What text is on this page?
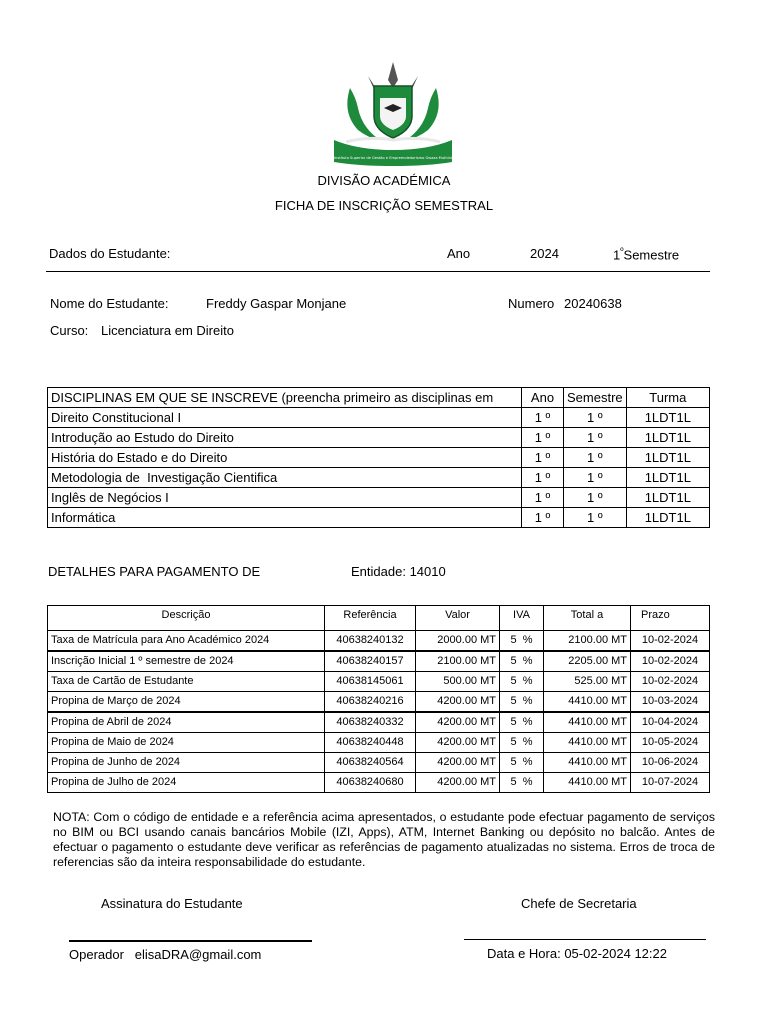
ISGEGM
Instituto Superior de Gestão e Empreendedorismo Gwaza Muthini
DIVISÃO ACADÉMICA
FICHA DE INSCRIÇÃO SEMESTRAL
Dados do Estudante:	Ano	2024	$1^ºSemestre$
Nome do Estudante:	Freddy Gaspar Monjane	Numero 20240638
Curso: Licenciatura em Direito
DISCIPLINAS EM QUE SE INSCREVE (preencha primeiro as disciplinas em	Ano	Semestre	Turma
Direito Constitucional I	1 º	1 º	1LDT1L
Introdução ao Estudo do Direito	1 º	1 º	1LDT1L
História do Estado e do Direito	1 º	1 º	1LDT1L
Metodologia de  Investigação Cientifica	1 º	1 º	1LDT1L
Inglês de Negócios I	1 º	1 º	1LDT1L
Informática	1 º	1 º	1LDT1L
DETALHES PARA PAGAMENTO DE	Entidade: 14010
Descrição	Referência	Valor	IVA	Total a	Prazo
Taxa de Matrícula para Ano Académico 2024	40638240132	2000.00 MT	5  %	2100.00 MT	10-02-2024
Inscrição Inicial 1 º semestre de 2024	40638240157	2100.00 MT	5  %	2205.00 MT	10-02-2024
Taxa de Cartão de Estudante	40638145061	500.00 MT	5  %	525.00 MT	10-02-2024
Propina de Março de 2024	40638240216	4200.00 MT	5  %	4410.00 MT	10-03-2024
Propina de Abril de 2024	40638240332	4200.00 MT	5  %	4410.00 MT	10-04-2024
Propina de Maio de 2024	40638240448	4200.00 MT	5  %	4410.00 MT	10-05-2024
Propina de Junho de 2024	40638240564	4200.00 MT	5  %	4410.00 MT	10-06-2024
Propina de Julho de 2024	40638240680	4200.00 MT	5  %	4410.00 MT	10-07-2024
NOTA: Com o código de entidade e a referência acima apresentados, o estudante pode efectuar pagamento de serviços no BIM ou BCI usando canais bancários Mobile (IZI, Apps), ATM, Internet Banking ou depósito no balcão. Antes de efectuar o pagamento o estudante deve verificar as referências de pagamento atualizadas no sistema. Erros de troca de referencias são da inteira responsabilidade do estudante.
Assinatura do Estudante	Chefe de Secretaria
Operador elisaDRA@gmail.com	Data e Hora: 05-02-2024 12:22
